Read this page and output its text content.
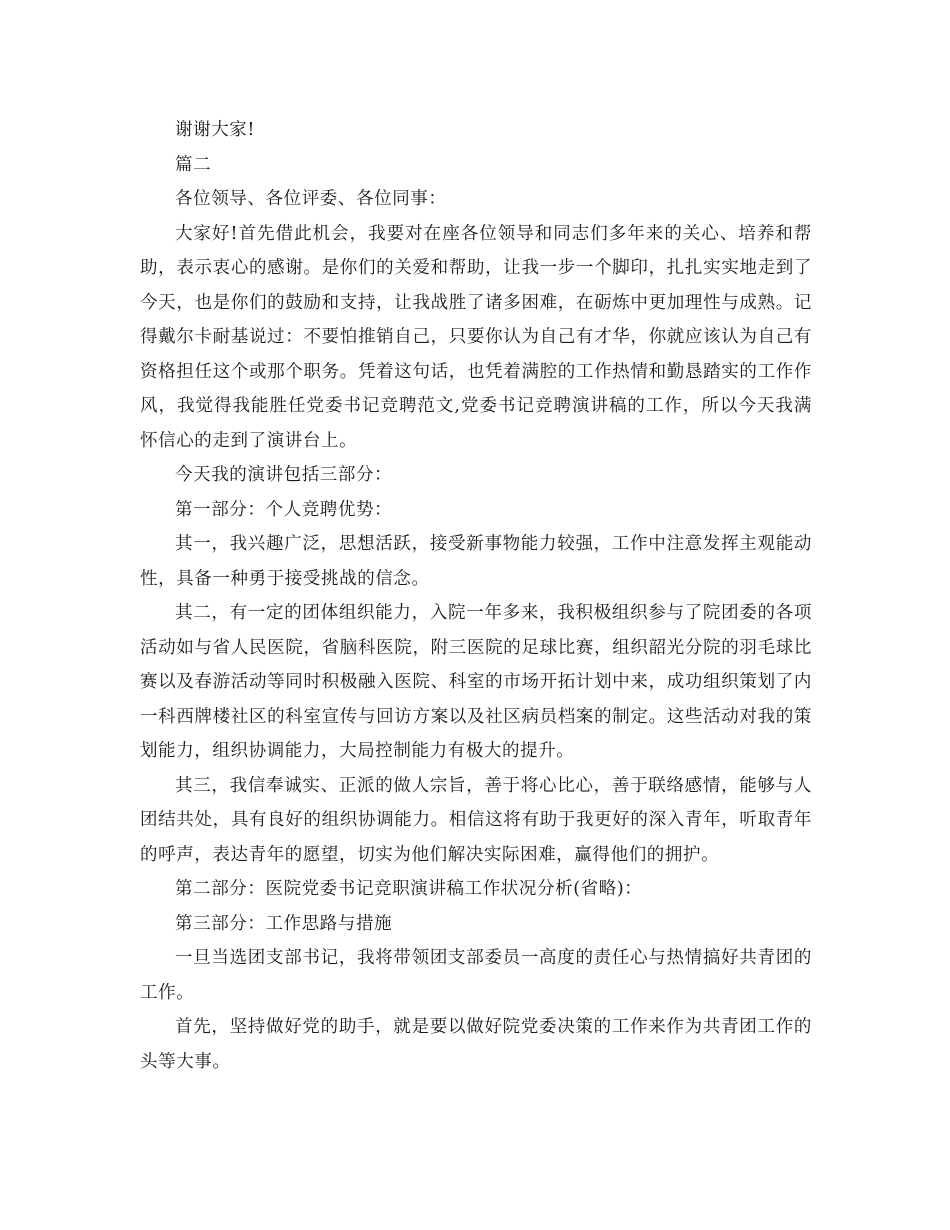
谢谢大家!

篇二

各位领导、各位评委、各位同事：

大家好!首先借此机会，我要对在座各位领导和同志们多年来的关心、培养和帮助，表示衷心的感谢。是你们的关爱和帮助，让我一步一个脚印，扎扎实实地走到了今天，也是你们的鼓励和支持，让我战胜了诸多困难，在砺炼中更加理性与成熟。记得戴尔卡耐基说过：不要怕推销自己，只要你认为自己有才华，你就应该认为自己有资格担任这个或那个职务。凭着这句话，也凭着满腔的工作热情和勤恳踏实的工作作风，我觉得我能胜任党委书记竞聘范文,党委书记竞聘演讲稿的工作，所以今天我满怀信心的走到了演讲台上。

今天我的演讲包括三部分：

第一部分：个人竞聘优势：

其一，我兴趣广泛，思想活跃，接受新事物能力较强，工作中注意发挥主观能动性，具备一种勇于接受挑战的信念。

其二，有一定的团体组织能力，入院一年多来，我积极组织参与了院团委的各项活动如与省人民医院，省脑科医院，附三医院的足球比赛，组织韶光分院的羽毛球比赛以及春游活动等同时积极融入医院、科室的市场开拓计划中来，成功组织策划了内一科西牌楼社区的科室宣传与回访方案以及社区病员档案的制定。这些活动对我的策划能力，组织协调能力，大局控制能力有极大的提升。

其三，我信奉诚实、正派的做人宗旨，善于将心比心，善于联络感情，能够与人团结共处，具有良好的组织协调能力。相信这将有助于我更好的深入青年，听取青年的呼声，表达青年的愿望，切实为他们解决实际困难，赢得他们的拥护。

第二部分：医院党委书记竞职演讲稿工作状况分析(省略)：

第三部分：工作思路与措施

一旦当选团支部书记，我将带领团支部委员一高度的责任心与热情搞好共青团的工作。

首先，坚持做好党的助手，就是要以做好院党委决策的工作来作为共青团工作的头等大事。
